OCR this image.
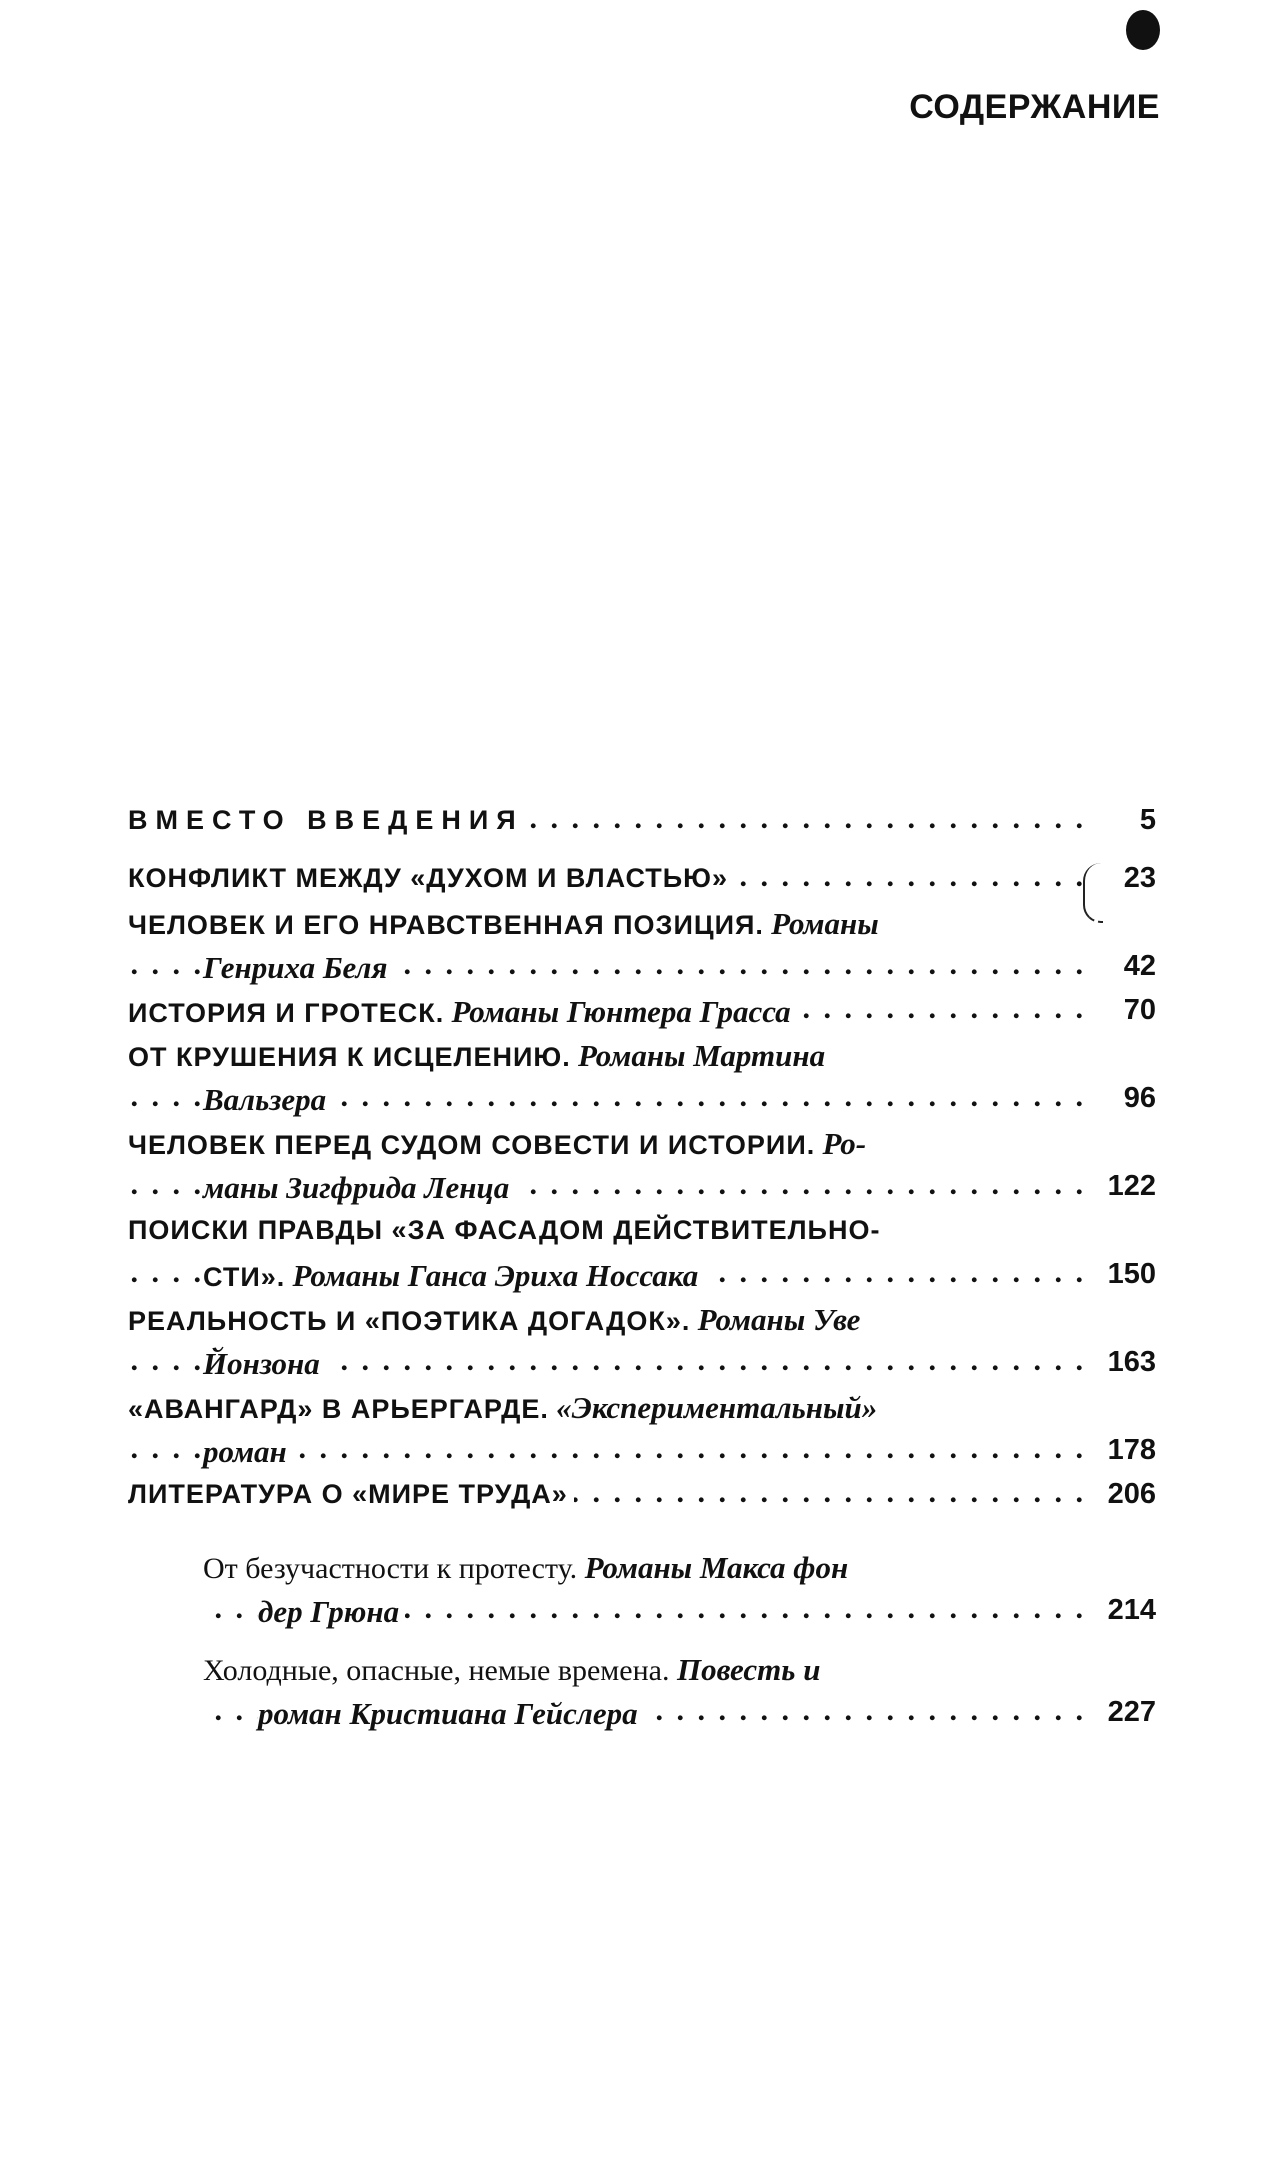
СОДЕРЖАНИЕ
. . . ВМЕСТО ВВЕДЕНИЯ	5
. . . КОНФЛИКТ МЕЖДУ «ДУХОМ И ВЛАСТЬЮ»	23
ЧЕЛОВЕК И ЕГО НРАВСТВЕННАЯ ПОЗИЦИЯ. Романы
. . . Генриха Беля	42
. . . ИСТОРИЯ И ГРОТЕСК. Романы Гюнтера Грасса	70
ОТ КРУШЕНИЯ К ИСЦЕЛЕНИЮ. Романы Мартина
. . . Вальзера	96
ЧЕЛОВЕК ПЕРЕД СУДОМ СОВЕСТИ И ИСТОРИИ. Ро-
. . . маны Зигфрида Ленца	122
ПОИСКИ ПРАВДЫ «ЗА ФАСАДОМ ДЕЙСТВИТЕЛЬНО-
. . . СТИ». Романы Ганса Эриха Носсака	150
РЕАЛЬНОСТЬ И «ПОЭТИКА ДОГАДОК». Романы Уве
. . . Йонзона	163
«АВАНГАРД» В АРЬЕРГАРДЕ. «Экспериментальный»
. . . роман	178
. . . ЛИТЕРАТУРА О «МИРЕ ТРУДА»	206
От безучастности к протесту. Романы Макса фон
. . . дер Грюна	214
Холодные, опасные, немые времена. Повесть и
. . . роман Кристиана Гейслера	227
